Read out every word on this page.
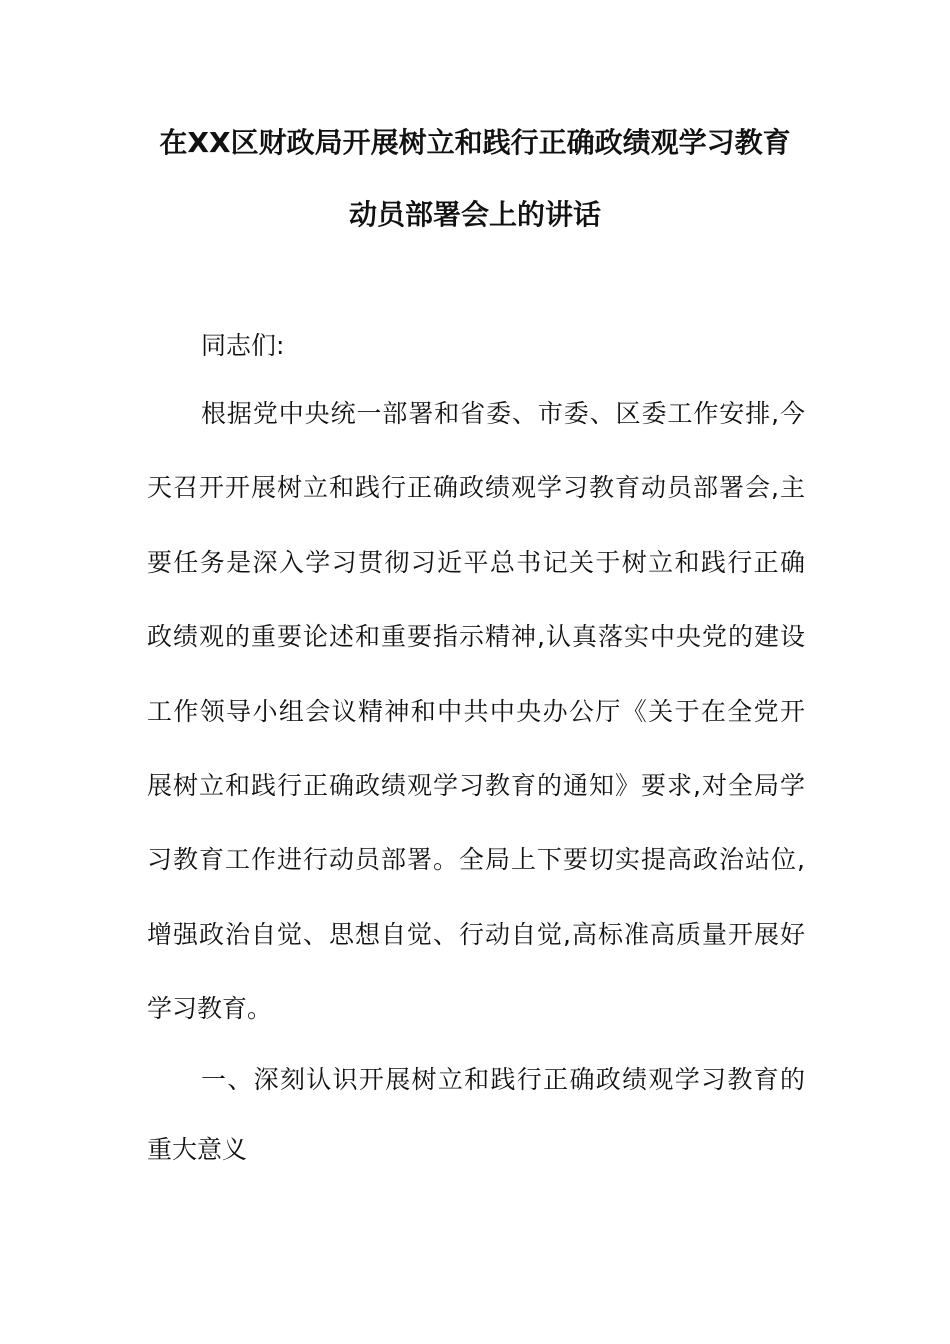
在XX区财政局开展树立和践行正确政绩观学习教育
动员部署会上的讲话
同志们:
根据党中央统一部署和省委、市委、区委工作安排,今
天召开开展树立和践行正确政绩观学习教育动员部署会,主
要任务是深入学习贯彻习近平总书记关于树立和践行正确
政绩观的重要论述和重要指示精神,认真落实中央党的建设
工作领导小组会议精神和中共中央办公厅《关于在全党开
展树立和践行正确政绩观学习教育的通知》要求,对全局学
习教育工作进行动员部署。全局上下要切实提高政治站位,
增强政治自觉、思想自觉、行动自觉,高标准高质量开展好
学习教育。
一、深刻认识开展树立和践行正确政绩观学习教育的
重大意义
